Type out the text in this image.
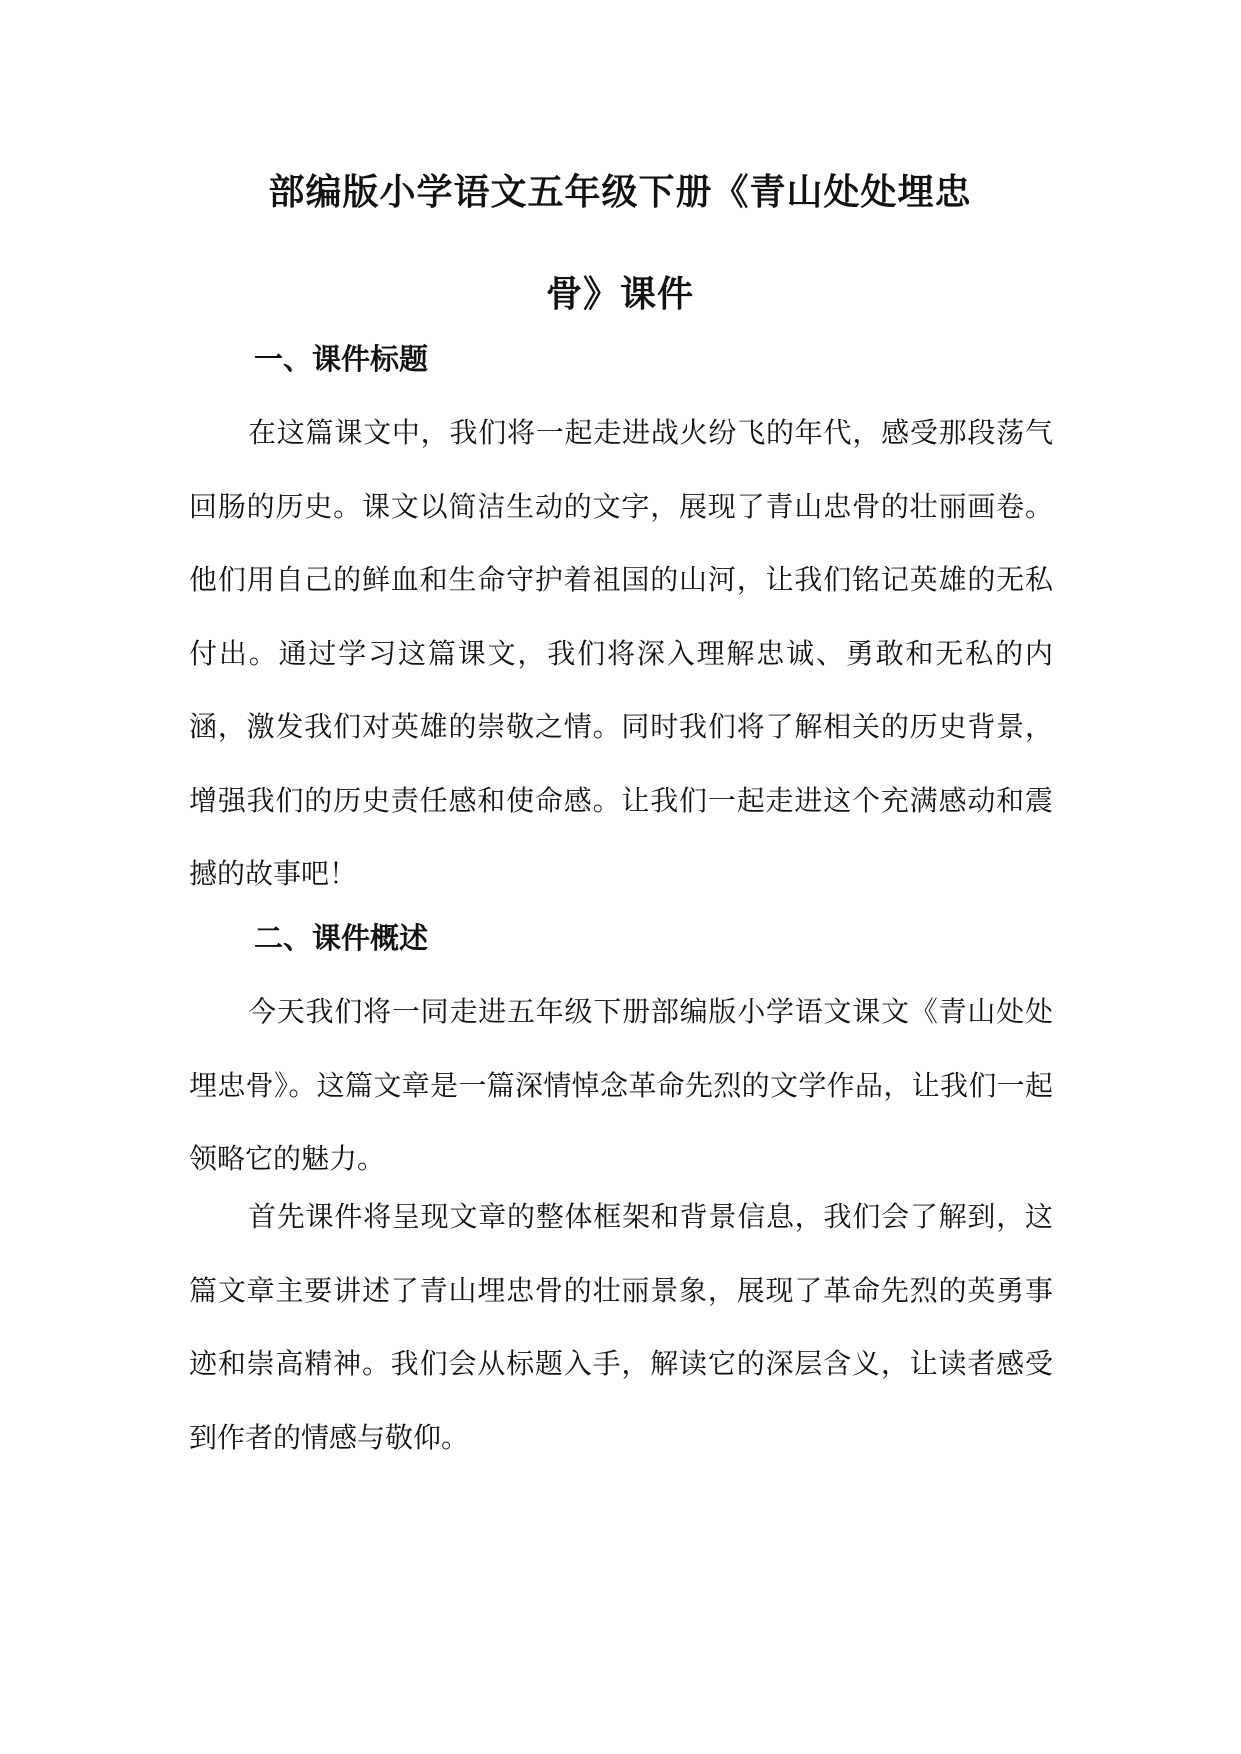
部编版小学语文五年级下册《青山处处埋忠骨》课件
一、课件标题

在这篇课文中，我们将一起走进战火纷飞的年代，感受那段荡气回肠的历史。课文以简洁生动的文字，展现了青山忠骨的壮丽画卷。他们用自己的鲜血和生命守护着祖国的山河，让我们铭记英雄的无私付出。通过学习这篇课文，我们将深入理解忠诚、勇敢和无私的内涵，激发我们对英雄的崇敬之情。同时我们将了解相关的历史背景，增强我们的历史责任感和使命感。让我们一起走进这个充满感动和震撼的故事吧！

二、课件概述

今天我们将一同走进五年级下册部编版小学语文课文《青山处处埋忠骨》。这篇文章是一篇深情悼念革命先烈的文学作品，让我们一起领略它的魅力。

首先课件将呈现文章的整体框架和背景信息，我们会了解到，这篇文章主要讲述了青山埋忠骨的壮丽景象，展现了革命先烈的英勇事迹和崇高精神。我们会从标题入手，解读它的深层含义，让读者感受到作者的情感与敬仰。
